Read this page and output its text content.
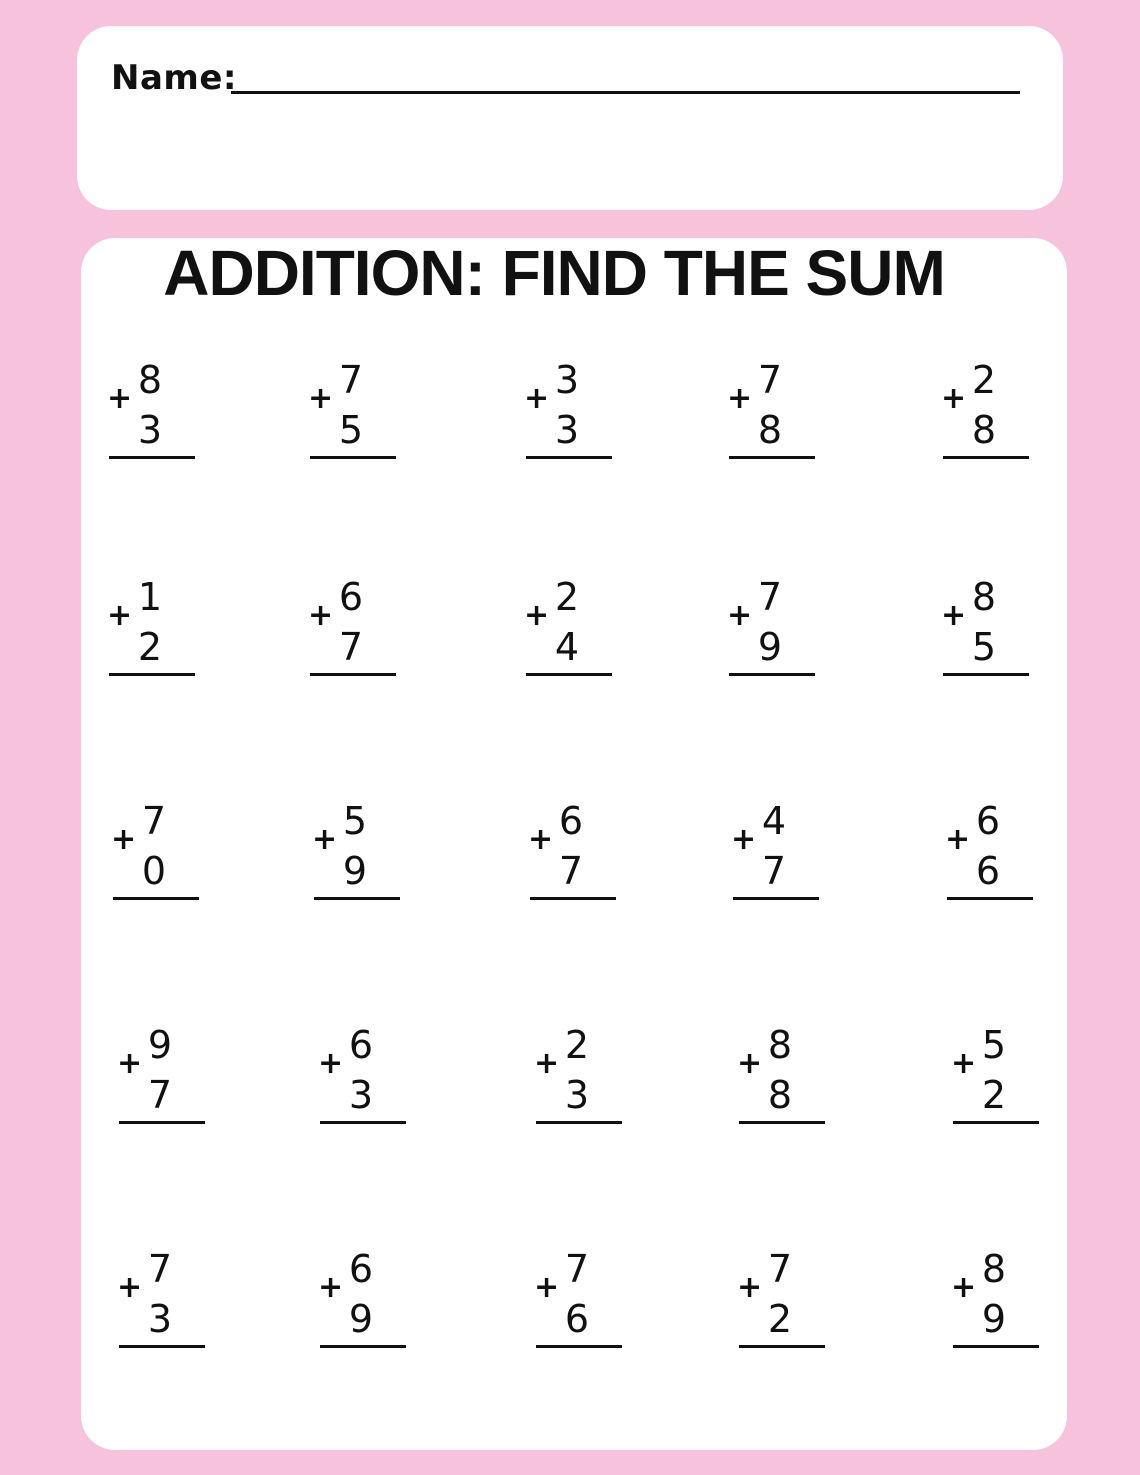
Name:
ADDITION: FIND THE SUM
8
+
3
7
+
5
3
+
3
7
+
8
2
+
8
1
+
2
6
+
7
2
+
4
7
+
9
8
+
5
7
+
0
5
+
9
6
+
7
4
+
7
6
+
6
9
+
7
6
+
3
2
+
3
8
+
8
5
+
2
7
+
3
6
+
9
7
+
6
7
+
2
8
+
9
